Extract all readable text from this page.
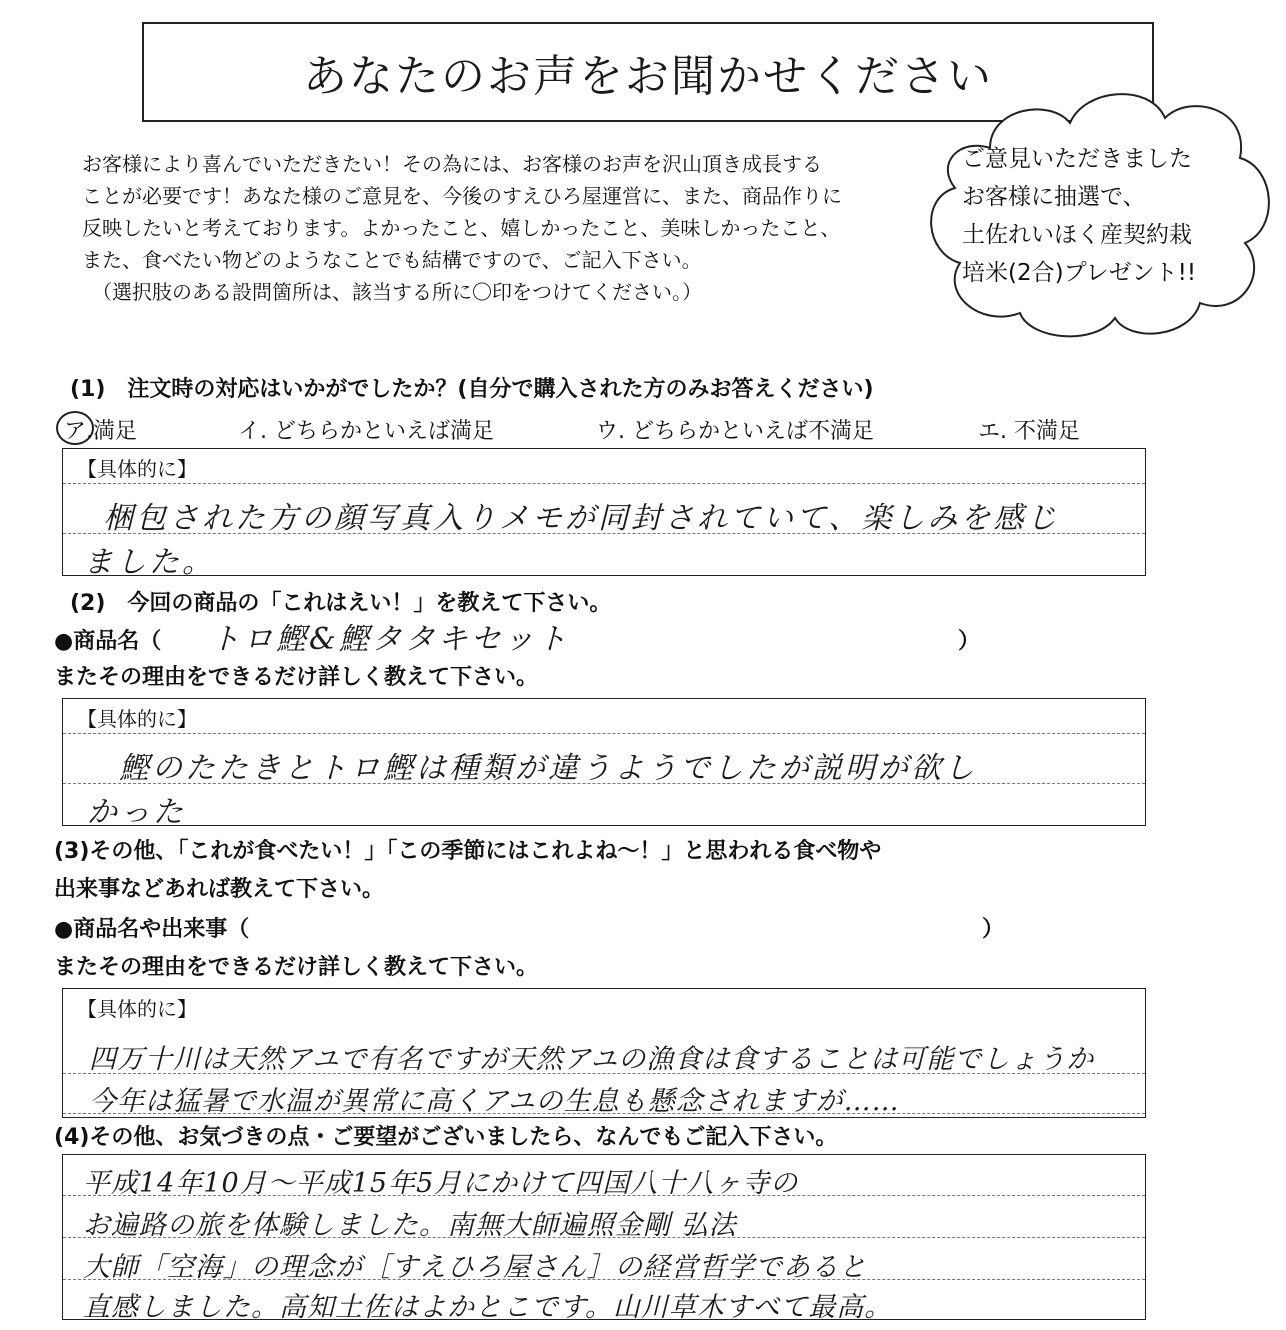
あなたのお声をお聞かせください

お客様により喜んでいただきたい！その為には、お客様のお声を沢山頂き成長する

ことが必要です！あなた様のご意見を、今後のすえひろ屋運営に、また、商品作りに

反映したいと考えております。よかったこと、嬉しかったこと、美味しかったこと、

また、食べたい物どのようなことでも結構ですので、ご記入下さい。

（選択肢のある設問箇所は、該当する所に〇印をつけてください。）

ご意見いただきました
お客様に抽選で、
土佐れいほく産契約栽
培米(2合)プレゼント!!
(1)　注文時の対応はいかがでしたか？(自分で購入された方のみお答えください)
ア.満足	イ. どちらかといえば満足	ウ. どちらかといえば不満足	エ. 不満足
【具体的に】
梱包された方の顔写真入りメモが同封されていて、楽しみを感じ
ました。
(2)　今回の商品の「これはえい！」を教えて下さい。
●商品名（ トロ鰹&鰹タタキセット	）
またその理由をできるだけ詳しく教えて下さい。
【具体的に】
鰹のたたきとトロ鰹は種類が違うようでしたが説明が欲し
かった
(3)その他、「これが食べたい！」「この季節にはこれよね～！」と思われる食べ物や
出来事などあれば教えて下さい。
●商品名や出来事（	）
またその理由をできるだけ詳しく教えて下さい。
【具体的に】
四万十川は天然アユで有名ですが天然アユの漁食は食することは可能でしょうか
今年は猛暑で水温が異常に高くアユの生息も懸念されますが……
(4)その他、お気づきの点・ご要望がございましたら、なんでもご記入下さい。
平成14年10月～平成15年5月にかけて四国八十八ヶ寺の
お遍路の旅を体験しました。南無大師遍照金剛 弘法
大師「空海」の理念が［すえひろ屋さん］の経営哲学であると
直感しました。高知土佐はよかとこです。山川草木すべて最高。
